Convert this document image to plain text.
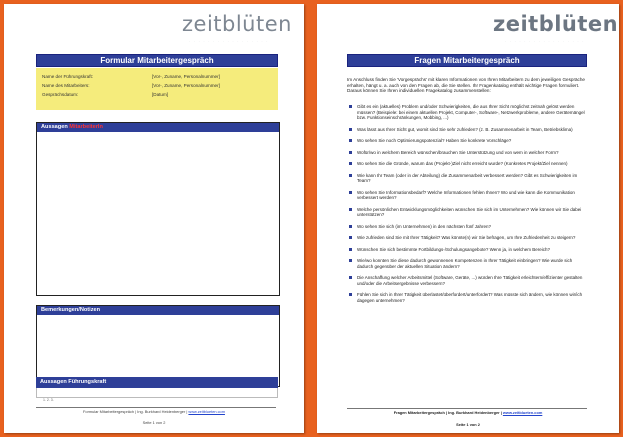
zeitblüten
· · · · · · · · · · · · · · · · ·
Formular Mitarbeitergespräch
Name der Führungskraft:	[Vor-, Zuname, Personalnummer]
Name des Mitarbeiters:	[Vor-, Zuname, Personalnummer]
Gesprächsdatum:	[Datum]
Aussagen MitarbeiterIn
Bemerkungen/Notizen
Aussagen Führungskraft
1. 2. 3.
Formular Mitarbeitergespräch | Ing. Burkhard Heidenberger | www.zeitblueten.com
Seite 1 von 2
zeitblüten
· · · · · · · · · · · · · · · · ·
Fragen Mitarbeitergespräch
Im Anschluss finden Sie 'Vorgesprächs' mit klaren Informationen von Ihren Mitarbeitern zu dem jeweiligen Gespräche erhalten, hängt u. a. auch von den Fragen ab, die Sie stellen. Ihr Fragenkatalog enthält wichtige Fragen formuliert. Daraus können Sie Ihren individuellen Fragekatalog zusammenstellen:
Gibt es ein (aktuelles) Problem und/oder Schwierigkeiten, die aus Ihrer Sicht möglichst zeitnah gelöst werden müssen? (Beispiele: bei einem aktuellen Projekt, Computer-, Software-, Netzwerkprobleme, andere Gerätemängel bzw. Funktionseinschränkungen, Mobbing, ...)
Was lässt aus Ihrer Sicht gut, womit sind Sie sehr zufrieden? (z. B. Zusammenarbeit in Team, Betriebsklima)
Wo sehen Sie noch Optimierungspotenzial? Haben Sie konkrete Vorschläge?
Wofür/wo in welchem Bereich wünschen/brauchen Sie Unterstützung und von wem in welcher Form?
Wo sehen Sie die Gründe, warum das (Projekt-)Ziel nicht erreicht wurde? (Konkretes Projekt/Ziel nennen)
Wie kann Ihr Team (oder in der Abteilung) die Zusammenarbeit verbessert werden? Gibt es Schwierigkeiten im Team?
Wo sehen Sie Informationsbedarf? Welche Informationen fehlen Ihnen? Wo und wie kann die Kommunikation verbessert werden?
Welche persönlichen Entwicklungsmöglichkeiten wünschen Sie sich im Unternehmen? Wie können wir Sie dabei unterstützen?
Wo sehen Sie sich (im Unternehmen) in den nächsten fünf Jahren?
Wie zufrieden sind Sie mit Ihrer Tätigkeit? Was könnte(n) wir Sie befragen, um Ihre Zufriedenheit zu steigern?
Wünschen Sie sich bestimmte Fortbildungs-/Schulungsangebote? Wenn ja, in welchem Bereich?
Wie/wo konnten Sie diese dadurch gewonnenen Kompetenzen in Ihrer Tätigkeit einbringen? Wie wurde sich dadurch gegenüber der aktuellen Situation ändern?
Die Anschaffung welcher Arbeitsmittel (Software, Geräte, ...) würden Ihre Tätigkeit erleichtern/effizienter gestalten und/oder die Arbeitsergebnisse verbessern?
Fühlen Sie sich in Ihrer Tätigkeit überlastet/überfordert/unterfordert? Was müsste sich ändern, wie können wir/ich dagegen unternehmen?
Fragen Mitarbeitergespräch | Ing. Burkhard Heidenberger | www.zeitblueten.com
Seite 1 von 2
